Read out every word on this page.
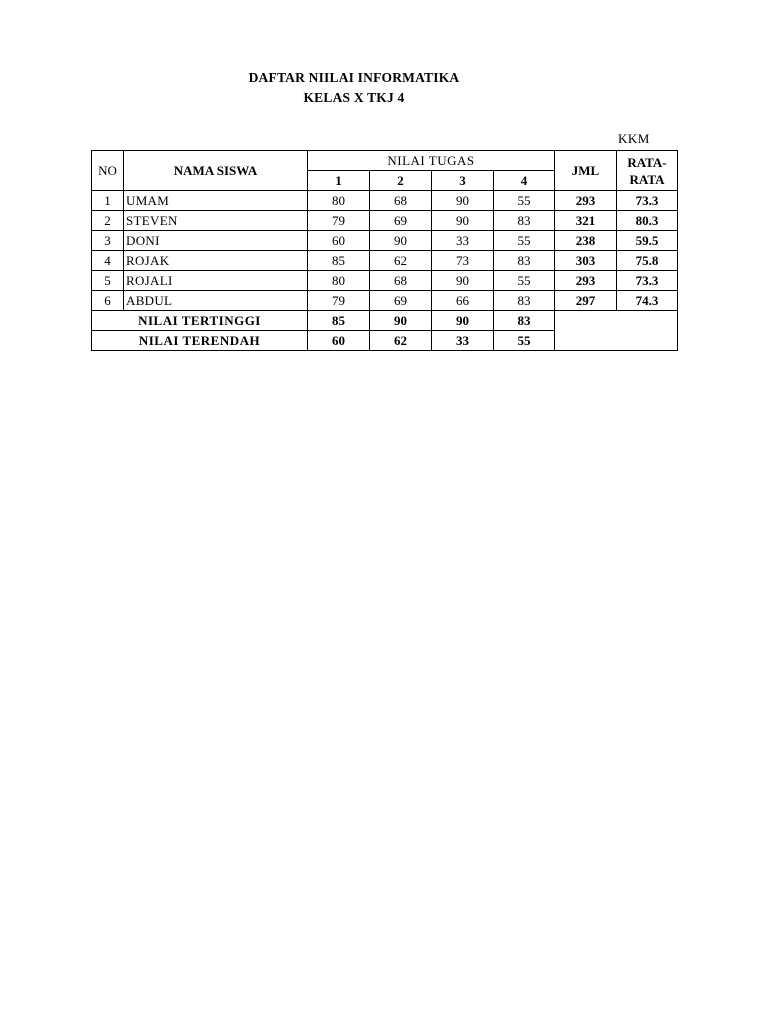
DAFTAR NIILAI INFORMATIKA
KELAS X TKJ 4
KKM
NO	NAMA SISWA	NILAI TUGAS				JML	RATA-
RATA
		1	2	3	4		
1	UMAM	80	68	90	55	293	73.3
2	STEVEN	79	69	90	83	321	80.3
3	DONI	60	90	33	55	238	59.5
4	ROJAK	85	62	73	83	303	75.8
5	ROJALI	80	68	90	55	293	73.3
6	ABDUL	79	69	66	83	297	74.3
NILAI TERTINGGI		85	90	90	83		
NILAI TERENDAH		60	62	33	55		
